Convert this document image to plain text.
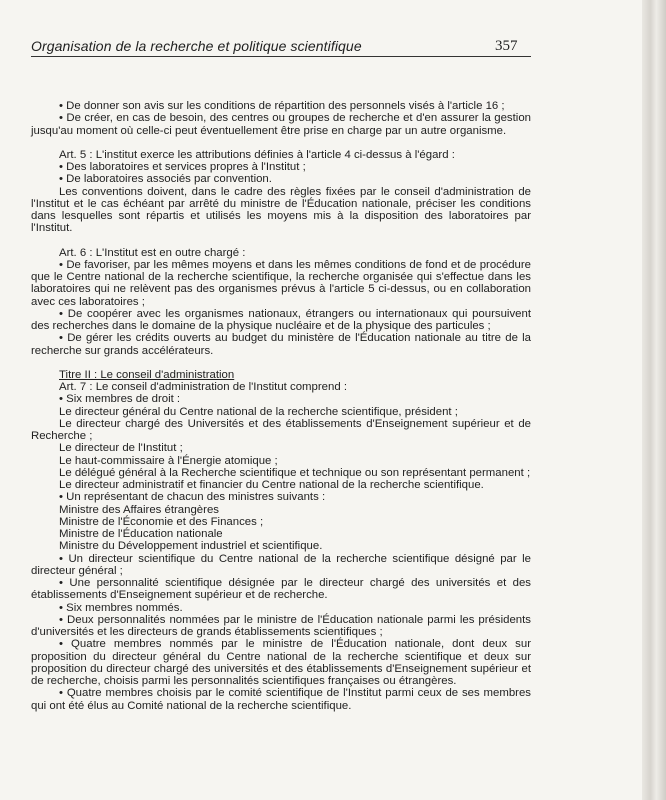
Organisation de la recherche et politique scientifique	357

• De donner son avis sur les conditions de répartition des personnels visés à l'article 16 ;

• De créer, en cas de besoin, des centres ou groupes de recherche et d'en assurer la gestion jusqu'au moment où celle-ci peut éventuellement être prise en charge par un autre organisme.

Art. 5 : L'institut exerce les attributions définies à l'article 4 ci-dessus à l'égard :

• Des laboratoires et services propres à l'Institut ;

• De laboratoires associés par convention.

Les conventions doivent, dans le cadre des règles fixées par le conseil d'administration de l'Institut et le cas échéant par arrêté du ministre de l'Éducation nationale, préciser les conditions dans lesquelles sont répartis et utilisés les moyens mis à la disposition des laboratoires par l'Institut.

Art. 6 : L'Institut est en outre chargé :

• De favoriser, par les mêmes moyens et dans les mêmes conditions de fond et de procédure que le Centre national de la recherche scientifique, la recherche organisée qui s'effectue dans les laboratoires qui ne relèvent pas des organismes prévus à l'article 5 ci-dessus, ou en collaboration avec ces laboratoires ;

• De coopérer avec les organismes nationaux, étrangers ou internationaux qui poursuivent des recherches dans le domaine de la physique nucléaire et de la physique des particules ;

• De gérer les crédits ouverts au budget du ministère de l'Éducation nationale au titre de la recherche sur grands accélérateurs.

Titre II : Le conseil d'administration

Art. 7 : Le conseil d'administration de l'Institut comprend :

• Six membres de droit :

Le directeur général du Centre national de la recherche scientifique, président ;

Le directeur chargé des Universités et des établissements d'Enseignement supérieur et de Recherche ;

Le directeur de l'Institut ;

Le haut-commissaire à l'Énergie atomique ;

Le délégué général à la Recherche scientifique et technique ou son représentant permanent ;

Le directeur administratif et financier du Centre national de la recherche scientifique.

• Un représentant de chacun des ministres suivants :

Ministre des Affaires étrangères

Ministre de l'Économie et des Finances ;

Ministre de l'Éducation nationale

Ministre du Développement industriel et scientifique.

• Un directeur scientifique du Centre national de la recherche scientifique désigné par le directeur général ;

• Une personnalité scientifique désignée par le directeur chargé des universités et des établissements d'Enseignement supérieur et de recherche.

• Six membres nommés.

• Deux personnalités nommées par le ministre de l'Éducation nationale parmi les présidents d'universités et les directeurs de grands établissements scientifiques ;

• Quatre membres nommés par le ministre de l'Éducation nationale, dont deux sur proposition du directeur général du Centre national de la recherche scientifique et deux sur proposition du directeur chargé des universités et des établissements d'Enseignement supérieur et de recherche, choisis parmi les personnalités scientifiques françaises ou étrangères.

• Quatre membres choisis par le comité scientifique de l'Institut parmi ceux de ses membres qui ont été élus au Comité national de la recherche scientifique.
